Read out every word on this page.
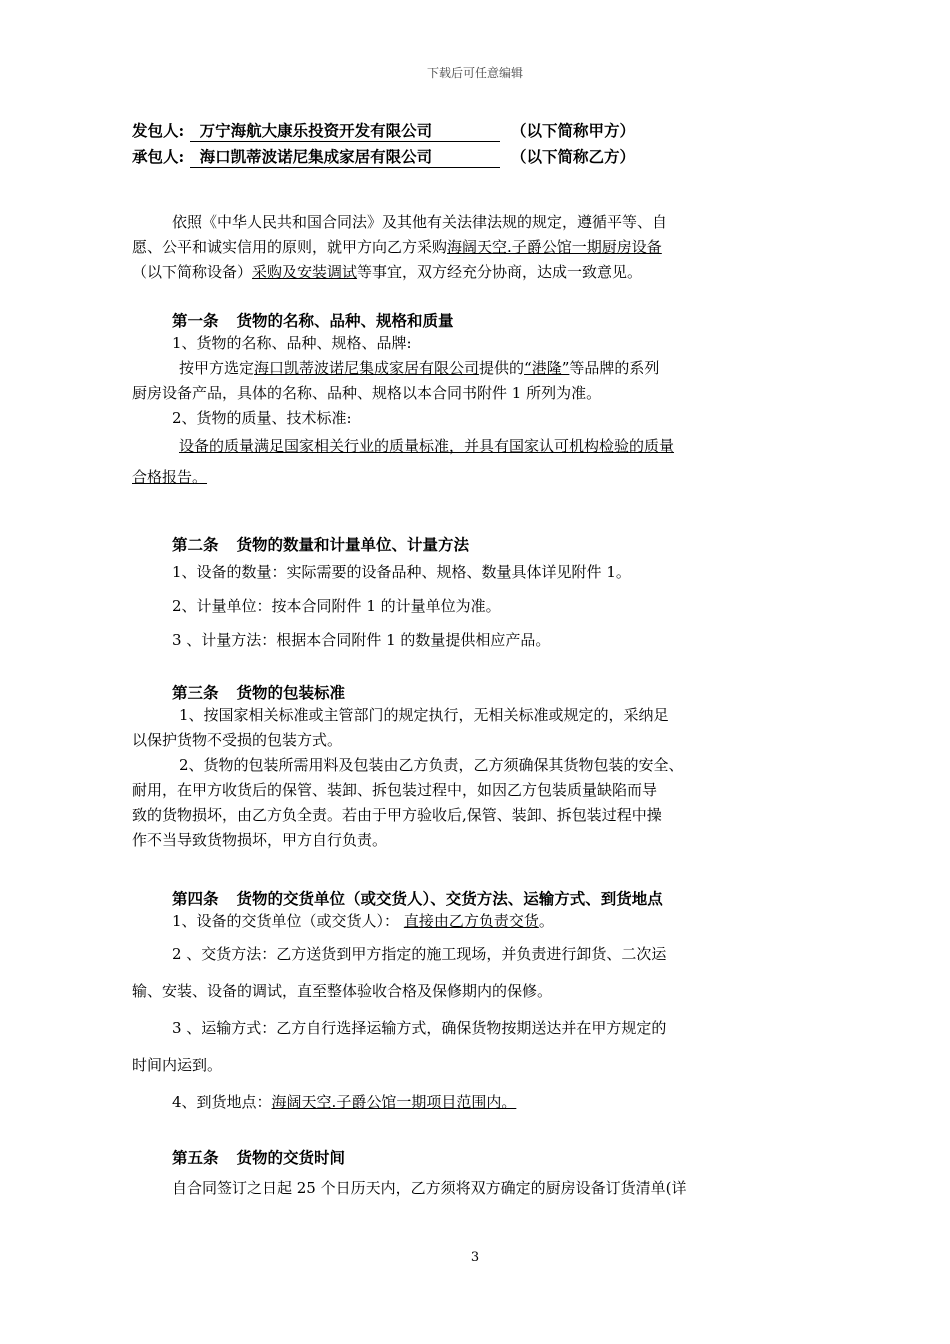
下载后可任意编辑
发包人: 万宁海航大康乐投资开发有限公司	（以下简称甲方）
承包人: 海口凯蒂波诺尼集成家居有限公司	（以下简称乙方）
依照《中华人民共和国合同法》及其他有关法律法规的规定，遵循平等、自
愿、公平和诚实信用的原则，就甲方向乙方采购海阔天空.子爵公馆一期厨房设备
（以下简称设备）采购及安装调试等事宜，双方经充分协商，达成一致意见。
第一条 货物的名称、品种、规格和质量
1、货物的名称、品种、规格、品牌:
按甲方选定海口凯蒂波诺尼集成家居有限公司提供的“港隆”等品牌的系列
厨房设备产品，具体的名称、品种、规格以本合同书附件 1 所列为准。
2、货物的质量、技术标准:
设备的质量满足国家相关行业的质量标准，并具有国家认可机构检验的质量
合格报告。
第二条 货物的数量和计量单位、计量方法
1、设备的数量：实际需要的设备品种、规格、数量具体详见附件 1。
2、计量单位：按本合同附件 1 的计量单位为准。
3 、计量方法：根据本合同附件 1 的数量提供相应产品。
第三条 货物的包装标准
1、按国家相关标准或主管部门的规定执行，无相关标准或规定的，采纳足
以保护货物不受损的包装方式。
2、货物的包装所需用料及包装由乙方负责，乙方须确保其货物包装的安全、
耐用，在甲方收货后的保管、装卸、拆包装过程中，如因乙方包装质量缺陷而导
致的货物损坏，由乙方负全责。若由于甲方验收后,保管、装卸、拆包装过程中操
作不当导致货物损坏，甲方自行负责。
第四条 货物的交货单位（或交货人）、交货方法、运输方式、到货地点
1、设备的交货单位（或交货人）： 直接由乙方负责交货。
2 、交货方法：乙方送货到甲方指定的施工现场，并负责进行卸货、二次运
输、安装、设备的调试，直至整体验收合格及保修期内的保修。
3 、运输方式：乙方自行选择运输方式，确保货物按期送达并在甲方规定的
时间内运到。
4、到货地点：海阔天空.子爵公馆一期项目范围内。
第五条 货物的交货时间
自合同签订之日起 25 个日历天内，乙方须将双方确定的厨房设备订货清单(详
3
